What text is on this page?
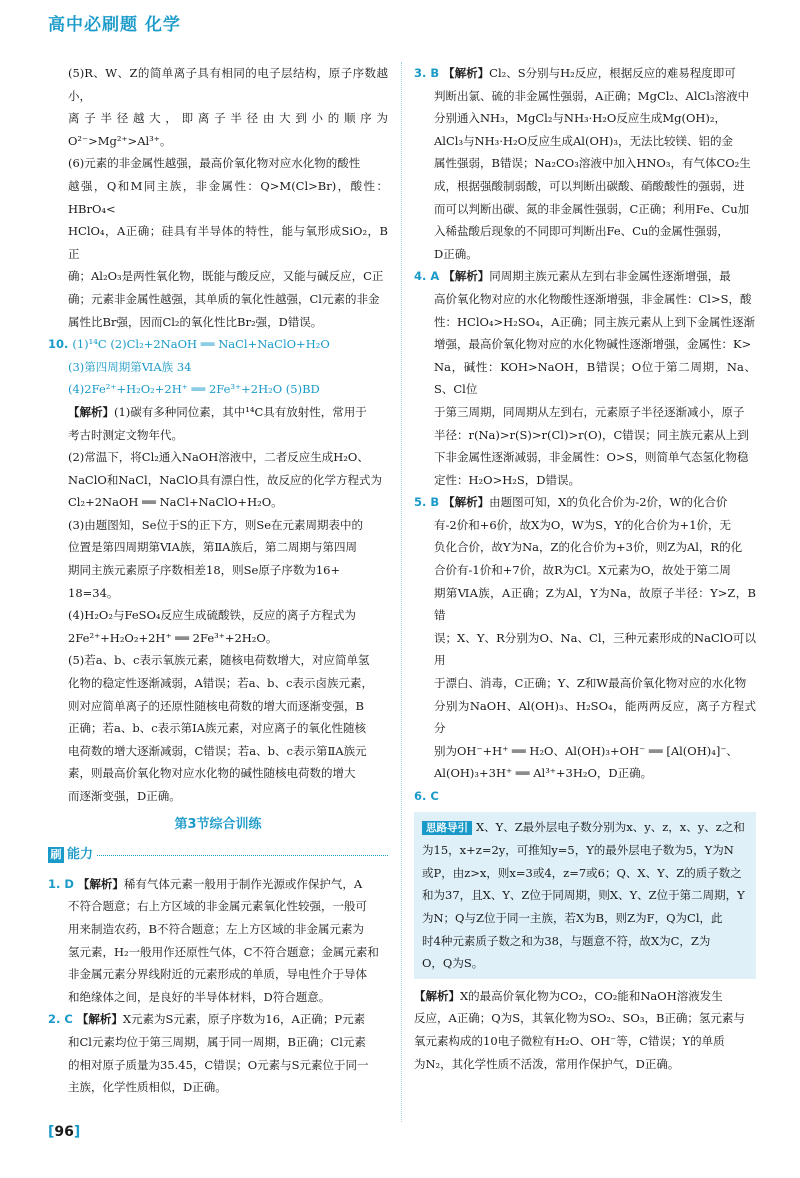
高中必刷题 化学

(5)R、W、Z的简单离子具有相同的电子层结构，原子序数越小，

离子半径越大，即离子半径由大到小的顺序为 O²⁻>Mg²⁺>Al³⁺。

(6)元素的非金属性越强，最高价氧化物对应水化物的酸性

越强，Q和M同主族，非金属性：Q>M(Cl>Br)，酸性：HBrO₄<

HClO₄，A正确；硅具有半导体的特性，能与氧形成SiO₂，B正

确；Al₂O₃是两性氧化物，既能与酸反应，又能与碱反应，C正

确；元素非金属性越强，其单质的氧化性越强，Cl元素的非金

属性比Br强，因而Cl₂的氧化性比Br₂强，D错误。

10. (1)¹⁴C (2)Cl₂+2NaOH ══ NaCl+NaClO+H₂O

(3)第四周期第ⅥA族 34

(4)2Fe²⁺+H₂O₂+2H⁺ ══ 2Fe³⁺+2H₂O (5)BD

【解析】(1)碳有多种同位素，其中¹⁴C具有放射性，常用于

考古时测定文物年代。

(2)常温下，将Cl₂通入NaOH溶液中，二者反应生成H₂O、

NaClO和NaCl，NaClO具有漂白性，故反应的化学方程式为

Cl₂+2NaOH ══ NaCl+NaClO+H₂O。

(3)由题图知，Se位于S的正下方，则Se在元素周期表中的

位置是第四周期第ⅥA族，第ⅡA族后，第二周期与第四周

期同主族元素原子序数相差18，则Se原子序数为16+

18=34。

(4)H₂O₂与FeSO₄反应生成硫酸铁，反应的离子方程式为

2Fe²⁺+H₂O₂+2H⁺ ══ 2Fe³⁺+2H₂O。

(5)若a、b、c表示氧族元素，随核电荷数增大，对应简单氢

化物的稳定性逐渐减弱，A错误；若a、b、c表示卤族元素，

则对应简单离子的还原性随核电荷数的增大而逐渐变强，B

正确；若a、b、c表示第ⅠA族元素，对应离子的氧化性随核

电荷数的增大逐渐减弱，C错误；若a、b、c表示第ⅡA族元

素，则最高价氧化物对应水化物的碱性随核电荷数的增大

而逐渐变强，D正确。

第3节综合训练
刷 能力

1. D 【解析】稀有气体元素一般用于制作光源或作保护气，A

不符合题意；右上方区域的非金属元素氧化性较强，一般可

用来制造农药，B不符合题意；左上方区域的非金属元素为

氢元素，H₂一般用作还原性气体，C不符合题意；金属元素和

非金属元素分界线附近的元素形成的单质，导电性介于导体

和绝缘体之间，是良好的半导体材料，D符合题意。

2. C 【解析】X元素为S元素，原子序数为16，A正确；P元素

和Cl元素均位于第三周期，属于同一周期，B正确；Cl元素

的相对原子质量为35.45，C错误；O元素与S元素位于同一

主族，化学性质相似，D正确。

3. B 【解析】Cl₂、S分别与H₂反应，根据反应的难易程度即可

判断出氯、硫的非金属性强弱，A正确；MgCl₂、AlCl₃溶液中

分别通入NH₃，MgCl₂与NH₃·H₂O反应生成Mg(OH)₂，

AlCl₃与NH₃·H₂O反应生成Al(OH)₃，无法比较镁、铝的金

属性强弱，B错误；Na₂CO₃溶液中加入HNO₃，有气体CO₂生

成，根据强酸制弱酸，可以判断出碳酸、硝酸酸性的强弱，进

而可以判断出碳、氮的非金属性强弱，C正确；利用Fe、Cu加

入稀盐酸后现象的不同即可判断出Fe、Cu的金属性强弱，

D正确。

4. A 【解析】同周期主族元素从左到右非金属性逐渐增强，最

高价氧化物对应的水化物酸性逐渐增强，非金属性：Cl>S，酸

性：HClO₄>H₂SO₄，A正确；同主族元素从上到下金属性逐渐

增强，最高价氧化物对应的水化物碱性逐渐增强，金属性：K>

Na，碱性：KOH>NaOH，B错误；O位于第二周期，Na、S、Cl位

于第三周期，同周期从左到右，元素原子半径逐渐减小，原子

半径：r(Na)>r(S)>r(Cl)>r(O)，C错误；同主族元素从上到

下非金属性逐渐减弱，非金属性：O>S，则简单气态氢化物稳

定性：H₂O>H₂S，D错误。

5. B 【解析】由题图可知，X的负化合价为-2价，W的化合价

有-2价和+6价，故X为O，W为S，Y的化合价为+1价，无

负化合价，故Y为Na，Z的化合价为+3价，则Z为Al，R的化

合价有-1价和+7价，故R为Cl。X元素为O，故处于第二周

期第ⅥA族，A正确；Z为Al，Y为Na，故原子半径：Y>Z，B错

误；X、Y、R分别为O、Na、Cl，三种元素形成的NaClO可以用

于漂白、消毒，C正确；Y、Z和W最高价氧化物对应的水化物

分别为NaOH、Al(OH)₃、H₂SO₄，能两两反应，离子方程式分

别为OH⁻+H⁺ ══ H₂O、Al(OH)₃+OH⁻ ══ [Al(OH)₄]⁻、

Al(OH)₃+3H⁺ ══ Al³⁺+3H₂O，D正确。

6. C

思路导引 X、Y、Z最外层电子数分别为x、y、z，x、y、z之和

为15，x+z=2y，可推知y=5，Y的最外层电子数为5，Y为N

或P，由z>x，则x=3或4，z=7或6；Q、X、Y、Z的质子数之

和为37，且X、Y、Z位于同周期，则X、Y、Z位于第二周期，Y

为N；Q与Z位于同一主族，若X为B，则Z为F，Q为Cl，此

时4种元素质子数之和为38，与题意不符，故X为C，Z为

O，Q为S。

【解析】X的最高价氧化物为CO₂，CO₂能和NaOH溶液发生

反应，A正确；Q为S，其氧化物为SO₂、SO₃，B正确；氢元素与

氧元素构成的10电子微粒有H₂O、OH⁻等，C错误；Y的单质

为N₂，其化学性质不活泼，常用作保护气，D正确。

[96]
